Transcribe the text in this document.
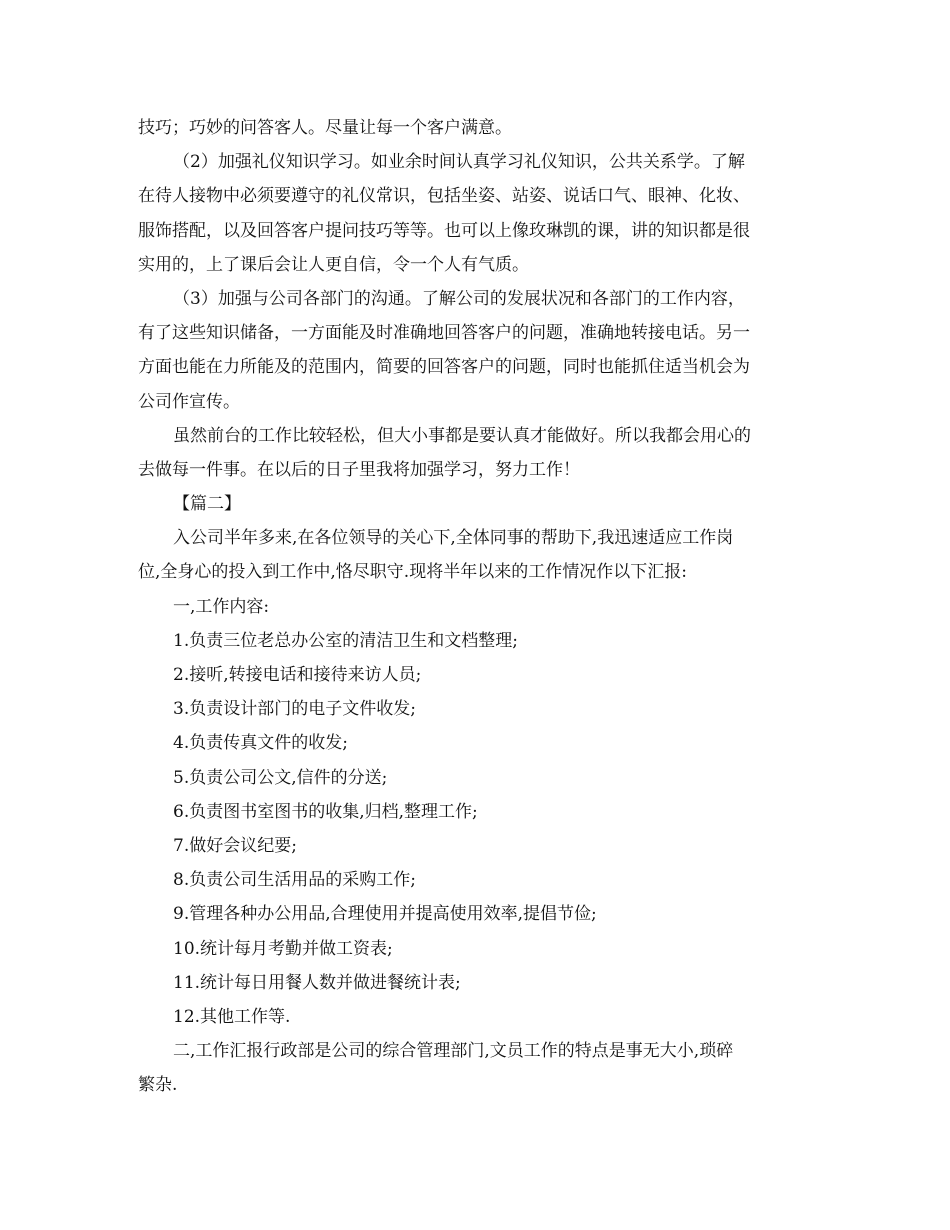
技巧；巧妙的问答客人。尽量让每一个客户满意。
（2）加强礼仪知识学习。如业余时间认真学习礼仪知识，公共关系学。了解
在待人接物中必须要遵守的礼仪常识，包括坐姿、站姿、说话口气、眼神、化妆、
服饰搭配，以及回答客户提问技巧等等。也可以上像玫琳凯的课，讲的知识都是很
实用的，上了课后会让人更自信，令一个人有气质。
（3）加强与公司各部门的沟通。了解公司的发展状况和各部门的工作内容，
有了这些知识储备，一方面能及时准确地回答客户的问题，准确地转接电话。另一
方面也能在力所能及的范围内，简要的回答客户的问题，同时也能抓住适当机会为
公司作宣传。
虽然前台的工作比较轻松，但大小事都是要认真才能做好。所以我都会用心的
去做每一件事。在以后的日子里我将加强学习，努力工作！
【篇二】
入公司半年多来,在各位领导的关心下,全体同事的帮助下,我迅速适应工作岗
位,全身心的投入到工作中,恪尽职守.现将半年以来的工作情况作以下汇报:
一,工作内容:
1.负责三位老总办公室的清洁卫生和文档整理;
2.接听,转接电话和接待来访人员;
3.负责设计部门的电子文件收发;
4.负责传真文件的收发;
5.负责公司公文,信件的分送;
6.负责图书室图书的收集,归档,整理工作;
7.做好会议纪要;
8.负责公司生活用品的采购工作;
9.管理各种办公用品,合理使用并提高使用效率,提倡节俭;
10.统计每月考勤并做工资表;
11.统计每日用餐人数并做进餐统计表;
12.其他工作等.
二,工作汇报行政部是公司的综合管理部门,文员工作的特点是事无大小,琐碎
繁杂.
